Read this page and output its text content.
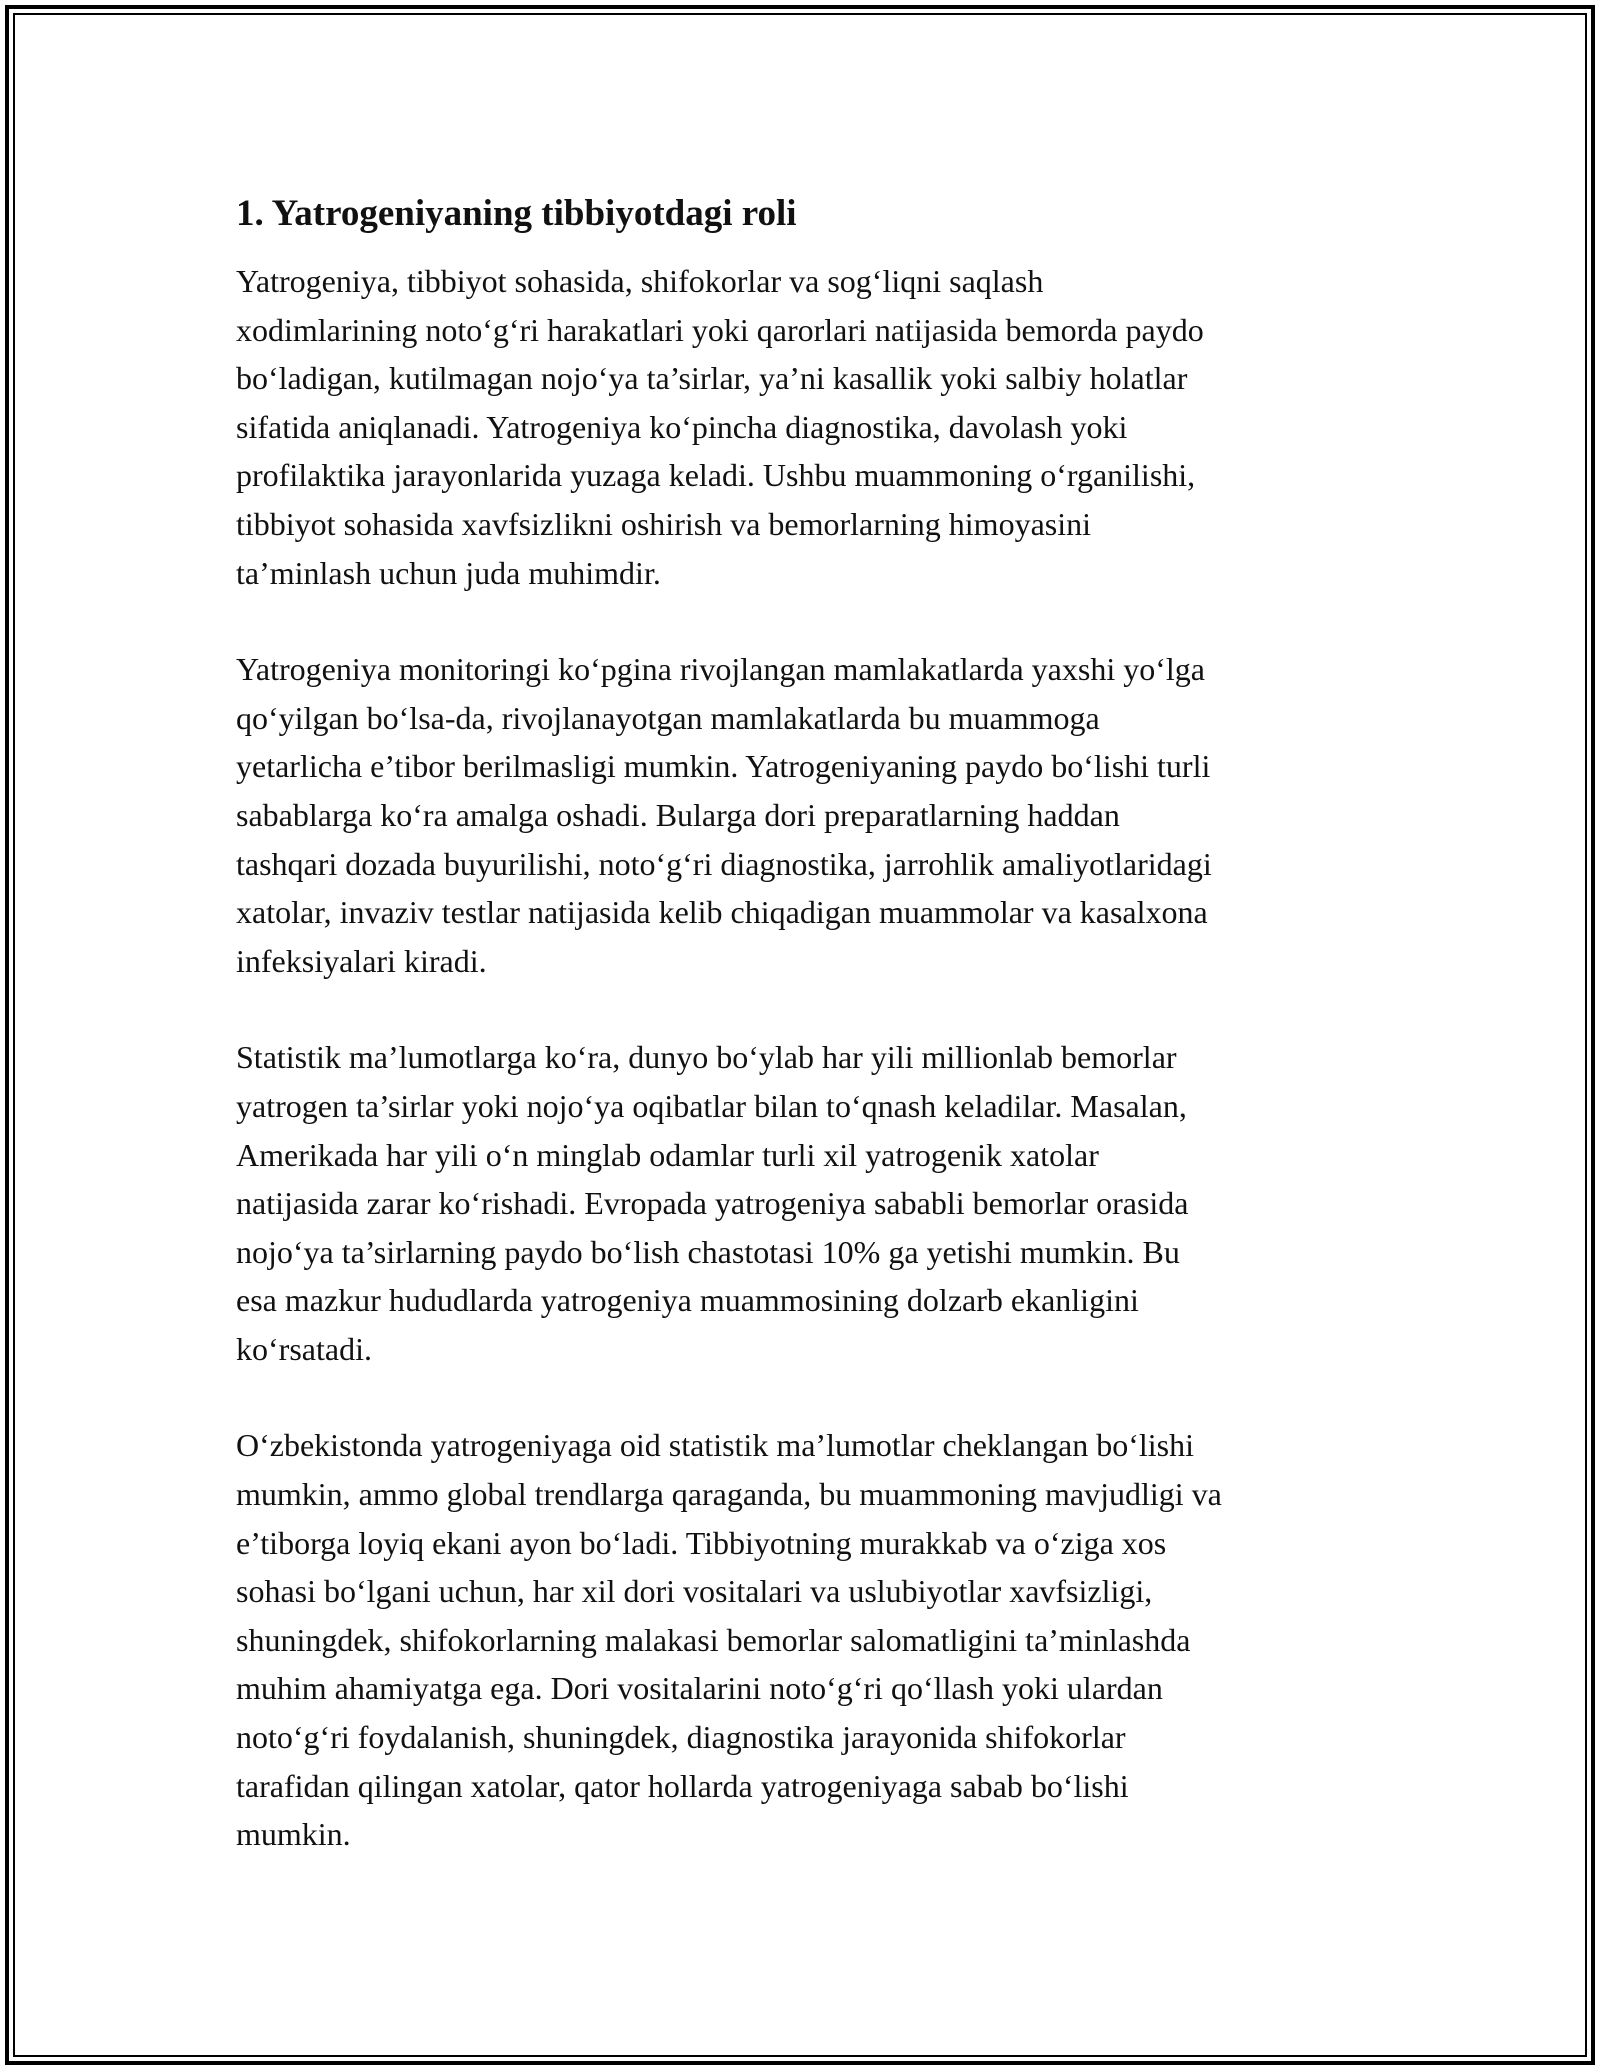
1. Yatrogeniyaning tibbiyotdagi roli
Yatrogeniya, tibbiyot sohasida, shifokorlar va sog‘liqni saqlash
xodimlarining noto‘g‘ri harakatlari yoki qarorlari natijasida bemorda paydo
bo‘ladigan, kutilmagan nojo‘ya ta’sirlar, ya’ni kasallik yoki salbiy holatlar
sifatida aniqlanadi. Yatrogeniya ko‘pincha diagnostika, davolash yoki
profilaktika jarayonlarida yuzaga keladi. Ushbu muammoning o‘rganilishi,
tibbiyot sohasida xavfsizlikni oshirish va bemorlarning himoyasini
ta’minlash uchun juda muhimdir.
Yatrogeniya monitoringi ko‘pgina rivojlangan mamlakatlarda yaxshi yo‘lga
qo‘yilgan bo‘lsa-da, rivojlanayotgan mamlakatlarda bu muammoga
yetarlicha e’tibor berilmasligi mumkin. Yatrogeniyaning paydo bo‘lishi turli
sabablarga ko‘ra amalga oshadi. Bularga dori preparatlarning haddan
tashqari dozada buyurilishi, noto‘g‘ri diagnostika, jarrohlik amaliyotlaridagi
xatolar, invaziv testlar natijasida kelib chiqadigan muammolar va kasalxona
infeksiyalari kiradi.
Statistik ma’lumotlarga ko‘ra, dunyo bo‘ylab har yili millionlab bemorlar
yatrogen ta’sirlar yoki nojo‘ya oqibatlar bilan to‘qnash keladilar. Masalan,
Amerikada har yili o‘n minglab odamlar turli xil yatrogenik xatolar
natijasida zarar ko‘rishadi. Evropada yatrogeniya sababli bemorlar orasida
nojo‘ya ta’sirlarning paydo bo‘lish chastotasi 10% ga yetishi mumkin. Bu
esa mazkur hududlarda yatrogeniya muammosining dolzarb ekanligini
ko‘rsatadi.
O‘zbekistonda yatrogeniyaga oid statistik ma’lumotlar cheklangan bo‘lishi
mumkin, ammo global trendlarga qaraganda, bu muammoning mavjudligi va
e’tiborga loyiq ekani ayon bo‘ladi. Tibbiyotning murakkab va o‘ziga xos
sohasi bo‘lgani uchun, har xil dori vositalari va uslubiyotlar xavfsizligi,
shuningdek, shifokorlarning malakasi bemorlar salomatligini ta’minlashda
muhim ahamiyatga ega. Dori vositalarini noto‘g‘ri qo‘llash yoki ulardan
noto‘g‘ri foydalanish, shuningdek, diagnostika jarayonida shifokorlar
tarafidan qilingan xatolar, qator hollarda yatrogeniyaga sabab bo‘lishi
mumkin.
